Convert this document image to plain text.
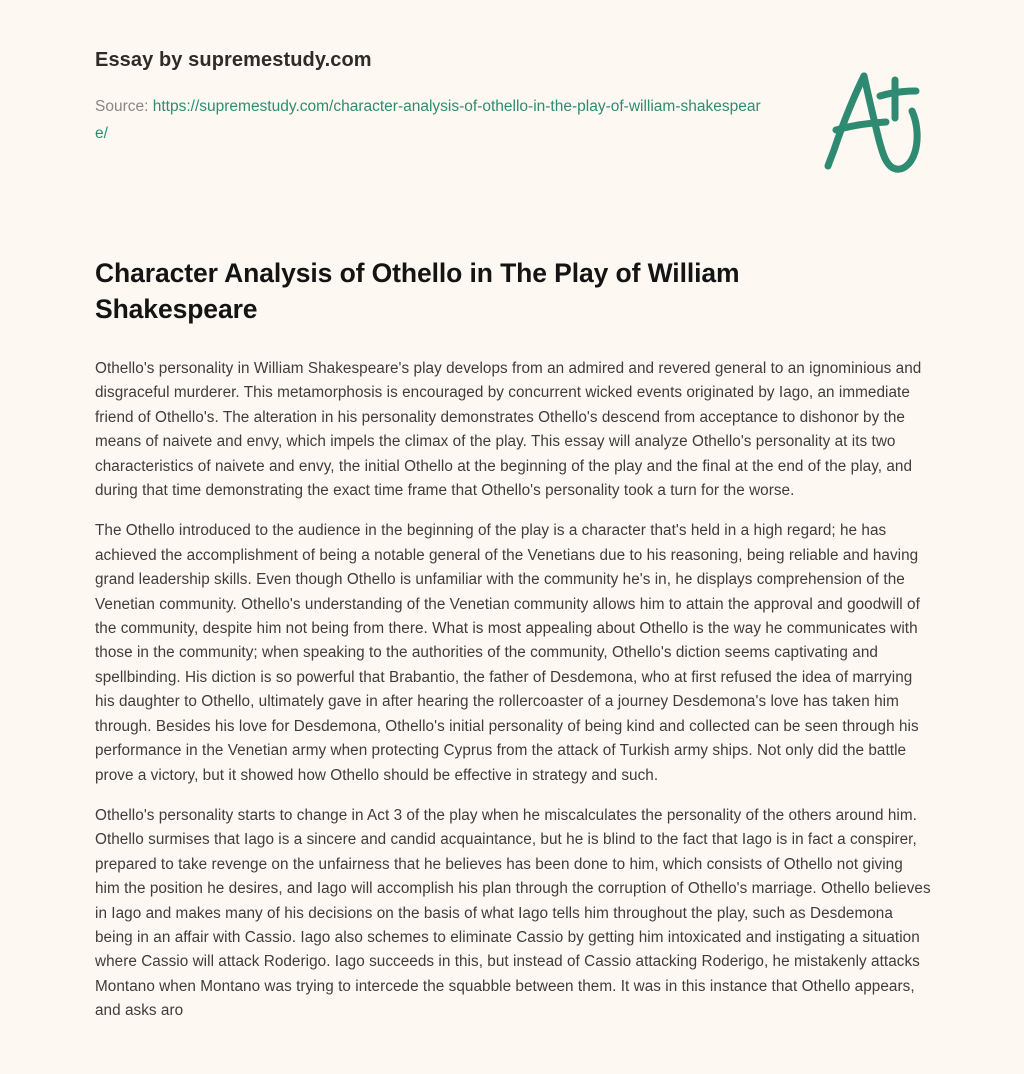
Essay by supremestudy.com
Source: https://supremestudy.com/character-analysis-of-othello-in-the-play-of-william-shakespeare/
Character Analysis of Othello in The Play of William Shakespeare

Othello's personality in William Shakespeare's play develops from an admired and revered general to an ignominious and disgraceful murderer. This metamorphosis is encouraged by concurrent wicked events originated by Iago, an immediate friend of Othello's. The alteration in his personality demonstrates Othello's descend from acceptance to dishonor by the means of naivete and envy, which impels the climax of the play. This essay will analyze Othello's personality at its two characteristics of naivete and envy, the initial Othello at the beginning of the play and the final at the end of the play, and during that time demonstrating the exact time frame that Othello's personality took a turn for the worse.

The Othello introduced to the audience in the beginning of the play is a character that's held in a high regard; he has achieved the accomplishment of being a notable general of the Venetians due to his reasoning, being reliable and having grand leadership skills. Even though Othello is unfamiliar with the community he's in, he displays comprehension of the Venetian community. Othello's understanding of the Venetian community allows him to attain the approval and goodwill of the community, despite him not being from there. What is most appealing about Othello is the way he communicates with those in the community; when speaking to the authorities of the community, Othello's diction seems captivating and spellbinding. His diction is so powerful that Brabantio, the father of Desdemona, who at first refused the idea of marrying his daughter to Othello, ultimately gave in after hearing the rollercoaster of a journey Desdemona's love has taken him through. Besides his love for Desdemona, Othello's initial personality of being kind and collected can be seen through his performance in the Venetian army when protecting Cyprus from the attack of Turkish army ships. Not only did the battle prove a victory, but it showed how Othello should be effective in strategy and such.

Othello's personality starts to change in Act 3 of the play when he miscalculates the personality of the others around him. Othello surmises that Iago is a sincere and candid acquaintance, but he is blind to the fact that Iago is in fact a conspirer, prepared to take revenge on the unfairness that he believes has been done to him, which consists of Othello not giving him the position he desires, and Iago will accomplish his plan through the corruption of Othello's marriage. Othello believes in Iago and makes many of his decisions on the basis of what Iago tells him throughout the play, such as Desdemona being in an affair with Cassio. Iago also schemes to eliminate Cassio by getting him intoxicated and instigating a situation where Cassio will attack Roderigo. Iago succeeds in this, but instead of Cassio attacking Roderigo, he mistakenly attacks Montano when Montano was trying to intercede the squabble between them. It was in this instance that Othello appears, and asks aro
